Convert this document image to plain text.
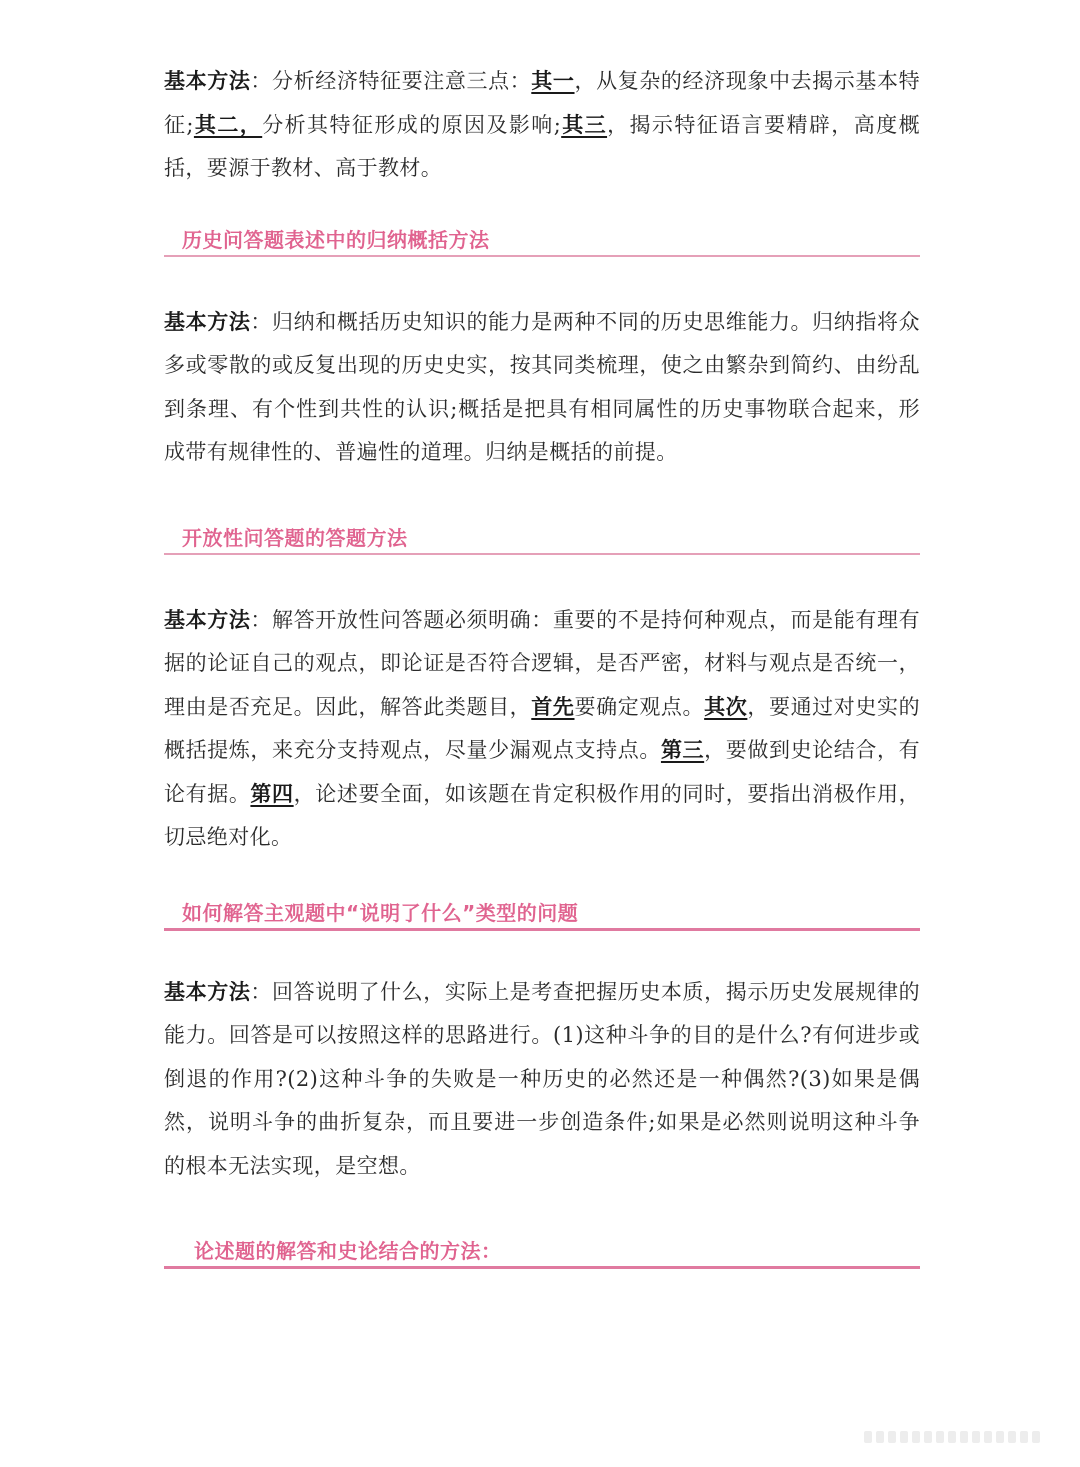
基本方法：分析经济特征要注意三点：其一，从复杂的经济现象中去揭示基本特征;其二，分析其特征形成的原因及影响;其三，揭示特征语言要精辟，高度概括，要源于教材、高于教材。

历史问答题表述中的归纳概括方法

基本方法：归纳和概括历史知识的能力是两种不同的历史思维能力。归纳指将众多或零散的或反复出现的历史史实，按其同类梳理，使之由繁杂到简约、由纷乱到条理、有个性到共性的认识;概括是把具有相同属性的历史事物联合起来，形成带有规律性的、普遍性的道理。归纳是概括的前提。

开放性问答题的答题方法

基本方法：解答开放性问答题必须明确：重要的不是持何种观点，而是能有理有据的论证自己的观点，即论证是否符合逻辑，是否严密，材料与观点是否统一，理由是否充足。因此，解答此类题目，首先要确定观点。其次，要通过对史实的概括提炼，来充分支持观点，尽量少漏观点支持点。第三，要做到史论结合，有论有据。第四，论述要全面，如该题在肯定积极作用的同时，要指出消极作用，切忌绝对化。

如何解答主观题中“说明了什么”类型的问题

基本方法：回答说明了什么，实际上是考查把握历史本质，揭示历史发展规律的能力。回答是可以按照这样的思路进行。(1)这种斗争的目的是什么?有何进步或倒退的作用?(2)这种斗争的失败是一种历史的必然还是一种偶然?(3)如果是偶然，说明斗争的曲折复杂，而且要进一步创造条件;如果是必然则说明这种斗争的根本无法实现，是空想。

论述题的解答和史论结合的方法：
